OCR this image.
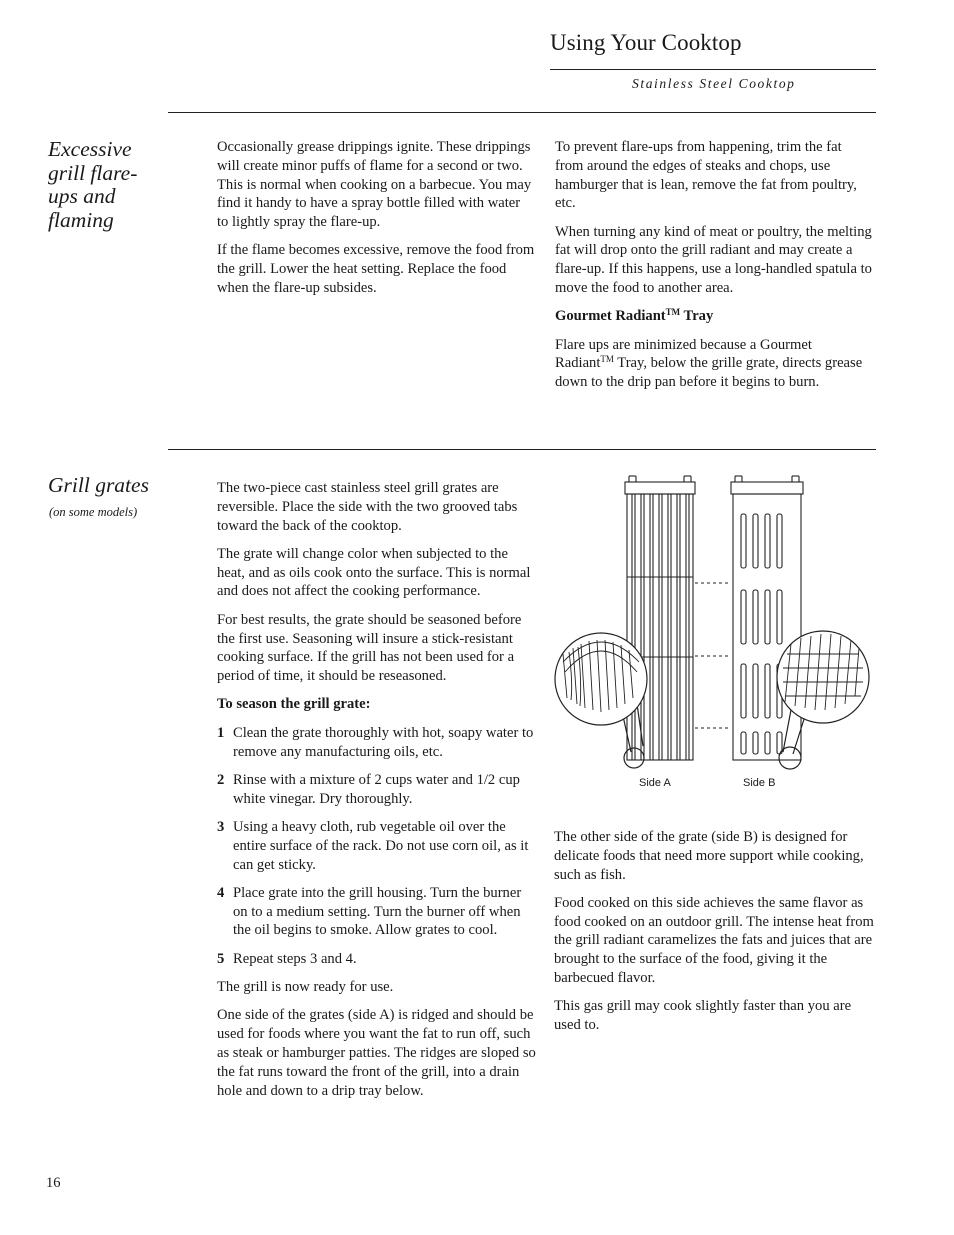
Using Your Cooktop
Stainless Steel Cooktop
Excessive
grill flare-
ups and
flaming

Occasionally grease drippings ignite. These drippings will create minor puffs of flame for a second or two. This is normal when cooking on a barbecue. You may find it handy to have a spray bottle filled with water to lightly spray the flare-up.

If the flame becomes excessive, remove the food from the grill. Lower the heat setting. Replace the food when the flare-up subsides.

To prevent flare-ups from happening, trim the fat from around the edges of steaks and chops, use hamburger that is lean, remove the fat from poultry, etc.

When turning any kind of meat or poultry, the melting fat will drop onto the grill radiant and may create a flare-up. If this happens, use a long-handled spatula to move the food to another area.

Gourmet Radiant™ Tray

Flare ups are minimized because a Gourmet Radiant™ Tray, below the grille grate, directs grease down to the drip pan before it begins to burn.

Grill grates
(on some models)

The two-piece cast stainless steel grill grates are reversible. Place the side with the two grooved tabs toward the back of the cooktop.

The grate will change color when subjected to the heat, and as oils cook onto the surface. This is normal and does not affect the cooking performance.

For best results, the grate should be seasoned before the first use. Seasoning will insure a stick-resistant cooking surface. If the grill has not been used for a period of time, it should be reseasoned.

To season the grill grate:

1 Clean the grate thoroughly with hot, soapy water to remove any manufacturing oils, etc.
2 Rinse with a mixture of 2 cups water and 1/2 cup white vinegar. Dry thoroughly.
3 Using a heavy cloth, rub vegetable oil over the entire surface of the rack. Do not use corn oil, as it can get sticky.
4 Place grate into the grill housing. Turn the burner on to a medium setting. Turn the burner off when the oil begins to smoke. Allow grates to cool.
5 Repeat steps 3 and 4.

The grill is now ready for use.

One side of the grates (side A) is ridged and should be used for foods where you want the fat to run off, such as steak or hamburger patties. The ridges are sloped so the fat runs toward the front of the grill, into a drain hole and down to a drip tray below.

Side A	Side B

The other side of the grate (side B) is designed for delicate foods that need more support while cooking, such as fish.

Food cooked on this side achieves the same flavor as food cooked on an outdoor grill. The intense heat from the grill radiant caramelizes the fats and juices that are brought to the surface of the food, giving it the barbecued flavor.

This gas grill may cook slightly faster than you are used to.

16
